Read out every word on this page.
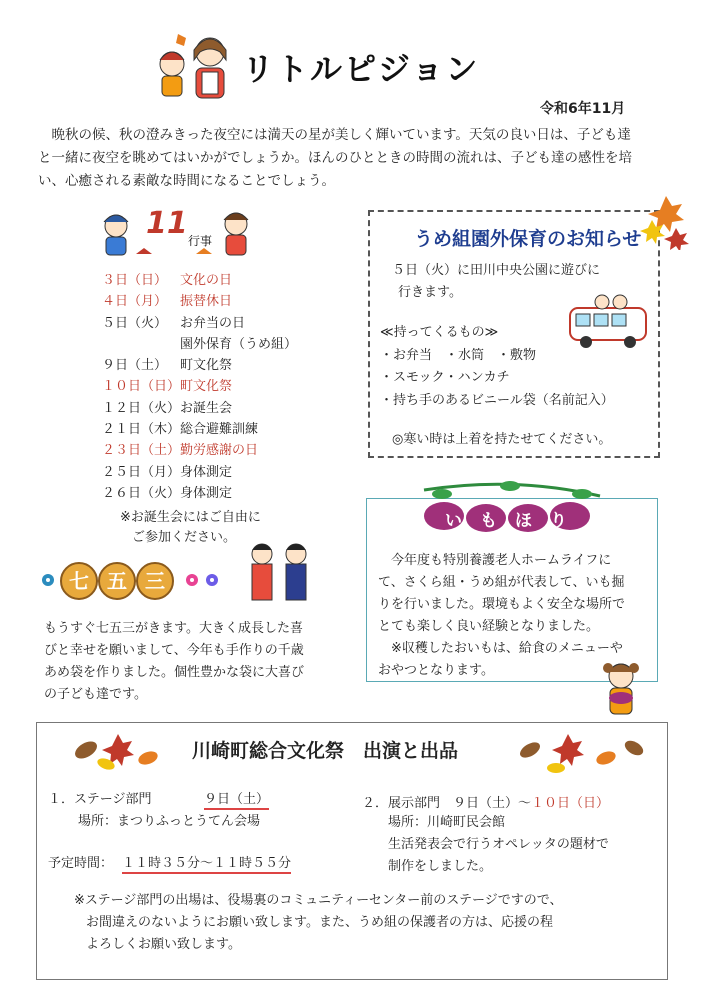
リトルピジョン
令和6年11月
　晩秋の候、秋の澄みきった夜空には満天の星が美しく輝いています。天気の良い日は、子ども達
と一緒に夜空を眺めてはいかがでしょうか。ほんのひとときの時間の流れは、子ども達の感性を培
い、心癒される素敵な時間になることでしょう。
11 行事
３日（日） 文化の日
４日（月） 振替休日
５日（火） お弁当の日
園外保育（うめ組）
９日（土） 町文化祭
１０日（日）町文化祭
１２日（火）お誕生会
２１日（木）総合避難訓練
２３日（土）勤労感謝の日
２５日（月）身体測定
２６日（火）身体測定
※お誕生会にはご自由に
ご参加ください。
七 五 三
もうすぐ七五三がきます。大きく成長した喜
びと幸せを願いまして、今年も手作りの千歳
あめ袋を作りました。個性豊かな袋に大喜び
の子ども達です。
うめ組園外保育のお知らせ
５日（火）に田川中央公園に遊びに
行きます。
≪持ってくるもの≫
・お弁当　・水筒　・敷物
・スモック・ハンカチ
・持ち手のあるビニール袋（名前記入）
◎寒い時は上着を持たせてください。
いもほり
　今年度も特別養護老人ホームライフに
て、さくら組・うめ組が代表して、いも掘
りを行いました。環境もよく安全な場所で
とても楽しく良い経験となりました。
　※収穫したおいもは、給食のメニューや
おやつとなります。
川崎町総合文化祭　出演と出品
１．ステージ部門	９日（土）
場所：まつりふっとうてん会場
予定時間： １１時３５分～１１時５５分
２．展示部門　９日（土）～１０日（日）
場所：川崎町民会館
生活発表会で行うオペレッタの題材で
制作をしました。
※ステージ部門の出場は、役場裏のコミュニティーセンター前のステージですので、
お間違えのないようにお願い致します。また、うめ組の保護者の方は、応援の程
よろしくお願い致します。
